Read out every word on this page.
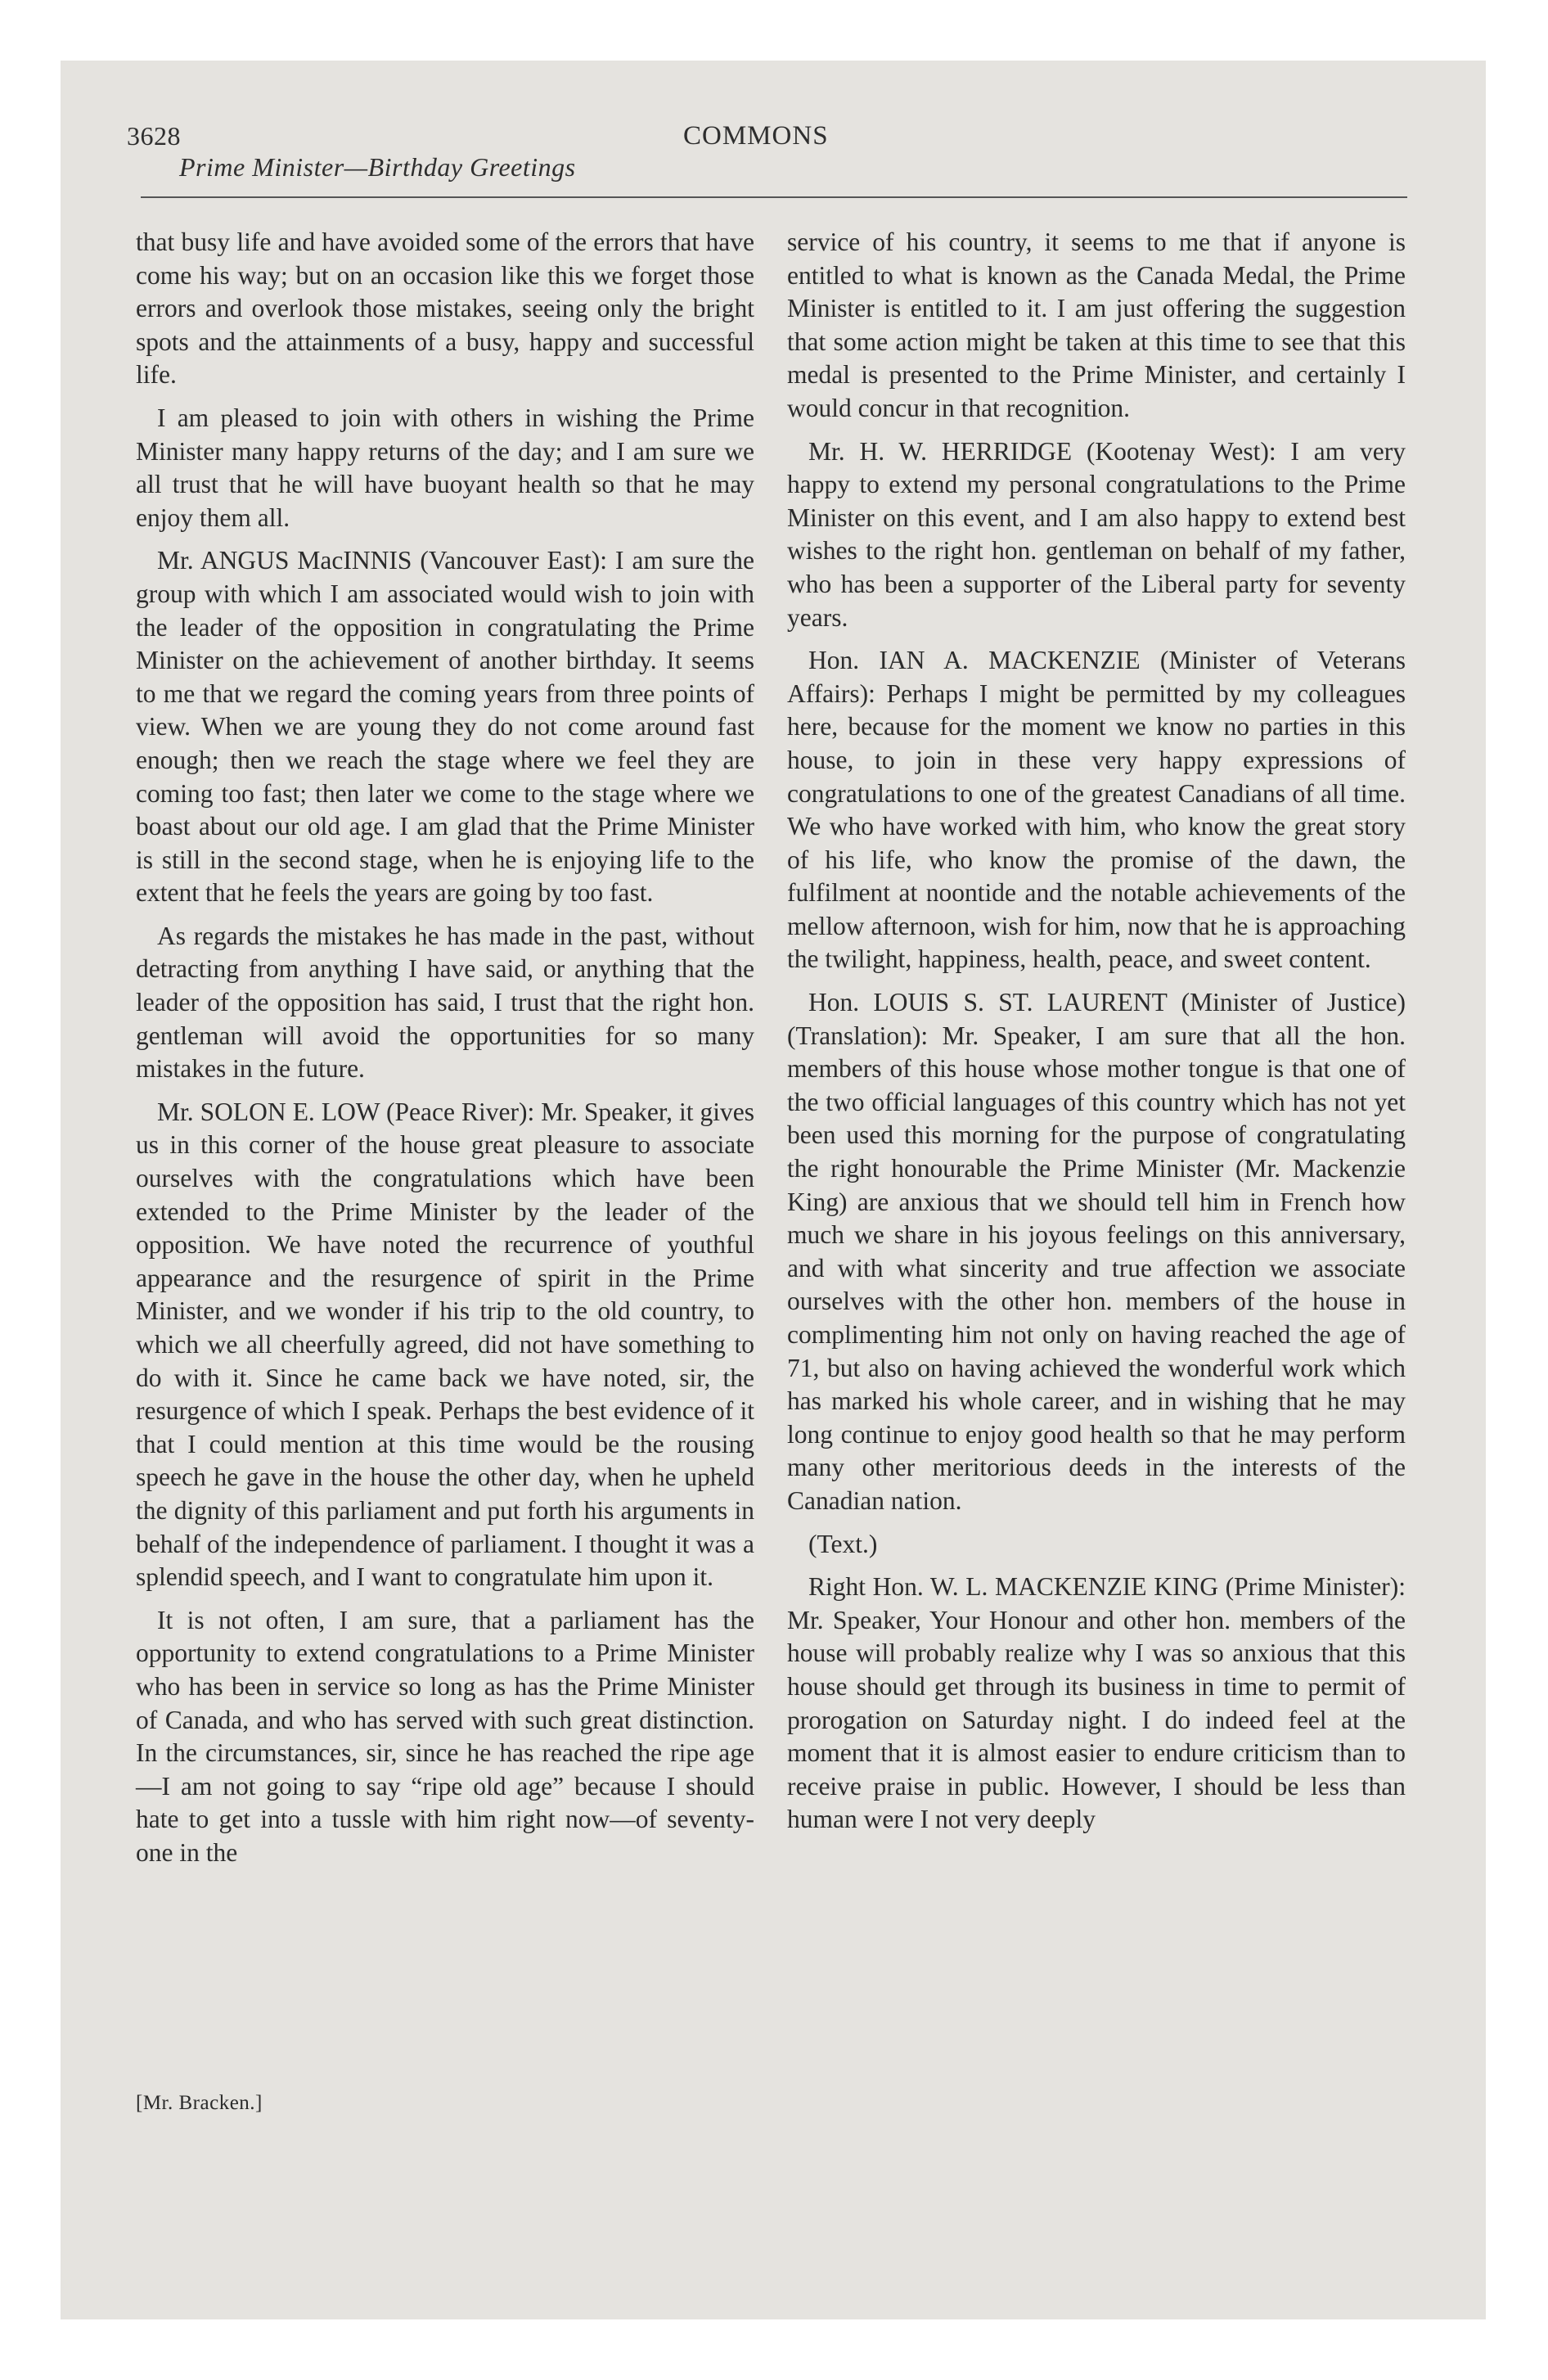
3628	COMMONS
Prime Minister—Birthday Greetings

that busy life and have avoided some of the errors that have come his way; but on an occasion like this we forget those errors and overlook those mistakes, seeing only the bright spots and the attainments of a busy, happy and successful life.

I am pleased to join with others in wishing the Prime Minister many happy returns of the day; and I am sure we all trust that he will have buoyant health so that he may enjoy them all.

Mr. ANGUS MacINNIS (Vancouver East): I am sure the group with which I am associated would wish to join with the leader of the opposition in congratulating the Prime Minister on the achievement of another birthday. It seems to me that we regard the coming years from three points of view. When we are young they do not come around fast enough; then we reach the stage where we feel they are coming too fast; then later we come to the stage where we boast about our old age. I am glad that the Prime Minister is still in the second stage, when he is enjoying life to the extent that he feels the years are going by too fast.

As regards the mistakes he has made in the past, without detracting from anything I have said, or anything that the leader of the opposition has said, I trust that the right hon. gentleman will avoid the opportunities for so many mistakes in the future.

Mr. SOLON E. LOW (Peace River): Mr. Speaker, it gives us in this corner of the house great pleasure to associate ourselves with the congratulations which have been extended to the Prime Minister by the leader of the opposition. We have noted the recurrence of youthful appearance and the resurgence of spirit in the Prime Minister, and we wonder if his trip to the old country, to which we all cheerfully agreed, did not have something to do with it. Since he came back we have noted, sir, the resurgence of which I speak. Perhaps the best evidence of it that I could mention at this time would be the rousing speech he gave in the house the other day, when he upheld the dignity of this parliament and put forth his arguments in behalf of the independence of parliament. I thought it was a splendid speech, and I want to congratulate him upon it.

It is not often, I am sure, that a parliament has the opportunity to extend congratulations to a Prime Minister who has been in service so long as has the Prime Minister of Canada, and who has served with such great distinction. In the circumstances, sir, since he has reached the ripe age—I am not going to say “ripe old age” because I should hate to get into a tussle with him right now—of seventy-one in the

service of his country, it seems to me that if anyone is entitled to what is known as the Canada Medal, the Prime Minister is entitled to it. I am just offering the suggestion that some action might be taken at this time to see that this medal is presented to the Prime Minister, and certainly I would concur in that recognition.

Mr. H. W. HERRIDGE (Kootenay West): I am very happy to extend my personal congratulations to the Prime Minister on this event, and I am also happy to extend best wishes to the right hon. gentleman on behalf of my father, who has been a supporter of the Liberal party for seventy years.

Hon. IAN A. MACKENZIE (Minister of Veterans Affairs): Perhaps I might be permitted by my colleagues here, because for the moment we know no parties in this house, to join in these very happy expressions of congratulations to one of the greatest Canadians of all time. We who have worked with him, who know the great story of his life, who know the promise of the dawn, the fulfilment at noontide and the notable achievements of the mellow afternoon, wish for him, now that he is approaching the twilight, happiness, health, peace, and sweet content.

Hon. LOUIS S. ST. LAURENT (Minister of Justice) (Translation): Mr. Speaker, I am sure that all the hon. members of this house whose mother tongue is that one of the two official languages of this country which has not yet been used this morning for the purpose of congratulating the right honourable the Prime Minister (Mr. Mackenzie King) are anxious that we should tell him in French how much we share in his joyous feelings on this anniversary, and with what sincerity and true affection we associate ourselves with the other hon. members of the house in complimenting him not only on having reached the age of 71, but also on having achieved the wonderful work which has marked his whole career, and in wishing that he may long continue to enjoy good health so that he may perform many other meritorious deeds in the interests of the Canadian nation.

(Text.)

Right Hon. W. L. MACKENZIE KING (Prime Minister): Mr. Speaker, Your Honour and other hon. members of the house will probably realize why I was so anxious that this house should get through its business in time to permit of prorogation on Saturday night. I do indeed feel at the moment that it is almost easier to endure criticism than to receive praise in public. However, I should be less than human were I not very deeply

[Mr. Bracken.]
